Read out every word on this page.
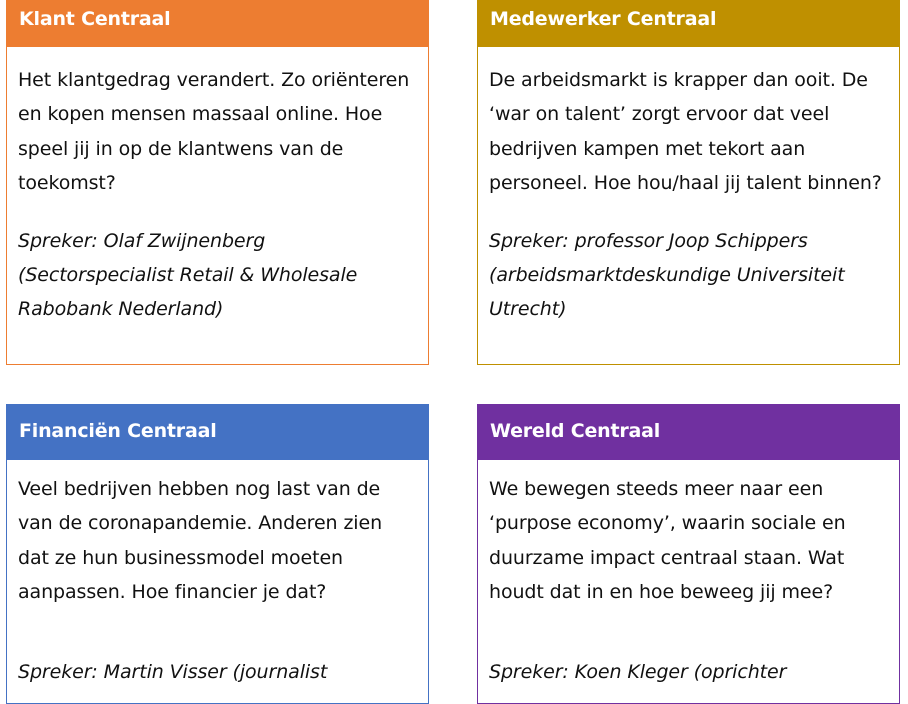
Klant Centraal

Het klantgedrag verandert. Zo oriënteren en kopen mensen massaal online. Hoe speel jij in op de klantwens van de toekomst?

Spreker: Olaf Zwijnenberg (Sectorspecialist Retail & Wholesale Rabobank Nederland)

Medewerker Centraal

De arbeidsmarkt is krapper dan ooit. De ‘war on talent’ zorgt ervoor dat veel bedrijven kampen met tekort aan personeel. Hoe hou/haal jij talent binnen?

Spreker: professor Joop Schippers (arbeidsmarktdeskundige Universiteit Utrecht)

Financiën Centraal

Veel bedrijven hebben nog last van de van de coronapandemie. Anderen zien dat ze hun businessmodel moeten aanpassen. Hoe financier je dat?

Spreker: Martin Visser (journalist

Wereld Centraal

We bewegen steeds meer naar een ‘purpose economy’, waarin sociale en duurzame impact centraal staan. Wat houdt dat in en hoe beweeg jij mee?

Spreker: Koen Kleger (oprichter
